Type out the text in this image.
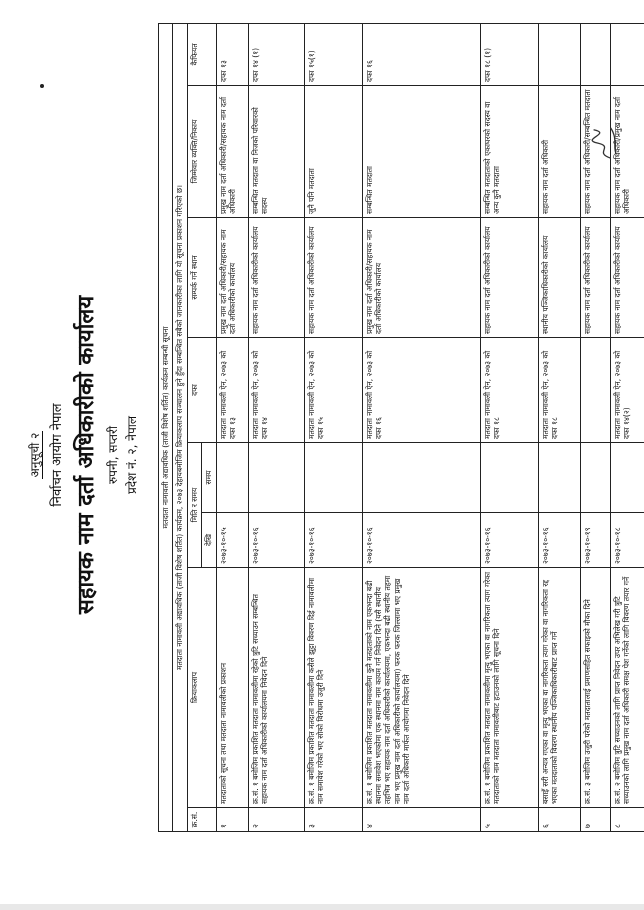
अनुसूची २ निर्वाचन आयोग नेपाल सहायक नाम दर्ता अधिकारीको कार्यालय रुपनी, सप्तरी प्रदेश नं. २, नेपाल	मतदाता नामावली अद्यावधिक (ताजी विशेष शर्तित) कार्यक्रम सम्बन्धी सूचना							
मतदाता नामावली अद्यावधिक (ताजी विशेष शर्तित) कार्यक्रम, २०७३ देहायबमोजिम क्रियाकलाप सञ्चालन हुने हुँदा सम्बन्धित सबैको जानकारीका लागि यो सूचना प्रकाशन गरिएको छ।							
क्र.सं.	क्रियाकलाप	मिति र समय		दफा	सम्पर्क गर्ने स्थान	जिम्मेवार व्यक्ति/निकाय	कैफियत
		देखि	समय				
१	मतदाताको सूचना तथा मतदाता नामावलीको प्रकाशन	२०७३-१०-१५		मतदाता नामावली ऐन, २०७३ को दफा १३	प्रमुख नाम दर्ता अधिकारी/सहायक नाम दर्ता अधिकारीको कार्यालय	प्रमुख नाम दर्ता अधिकारी/सहायक नाम दर्ता अधिकारी	दफा १३
२	क्र.सं. १ बमोजिम प्रकाशित मतदाता नामावलीमा रहेको त्रुटि सच्याउन सम्बन्धित सहायक नाम दर्ता अधिकारीको कार्यालयमा निवेदन दिने	२०७३-१०-१६		मतदाता नामावली ऐन, २०७३ को दफा १४	सहायक नाम दर्ता अधिकारीको कार्यालय	सम्बन्धित मतदाता वा निजको परिवारको सदस्य	दफा १४ (१)
३	क्र.सं. १ बमोजिम प्रकाशित मतदाता नामावलीमा कसैले झुट्टा विवरण दिई नामावलीमा नाम समावेश गरेको भए सोको विरोधमा उजुरी दिने	२०७३-१०-१६		मतदाता नामावली ऐन, २०७३ को दफा १५	सहायक नाम दर्ता अधिकारीको कार्यालय	जुनै पनि मतदाता	दफा १५(१)
४	क्र.सं. १ बमोजिम प्रकाशित मतदाता नामावलीमा कुनै मतदाताको नाम एकभन्दा बढी स्थानमा समावेश भएकोमा एक स्थानमा नाम कायम गर्न निवेदन दिने (यसै स्थानीय तहभित्र भए सहायक नाम दर्ता अधिकारीको कार्यालयमा, एकभन्दा बढी स्थानीय तहमा नाम भए प्रमुख नाम दर्ता अधिकारीको कार्यालयमा) फरक फरक जिल्लामा भए प्रमुख नाम दर्ता अधिकारी मार्फत आयोगमा निवेदन दिने	२०७३-१०-१६		मतदाता नामावली ऐन, २०७३ को दफा १६	प्रमुख नाम दर्ता अधिकारी/सहायक नाम दर्ता अधिकारीको कार्यालय	सम्बन्धित मतदाता	दफा १६
५	क्र.सं. १ बमोजिम प्रकाशित मतदाता नामावलीमा मृत्यु भएका वा नागरिकता त्याग गरेका मतदाताको नाम मतदाता नामावलीबाट हटाउनको लागि सूचना दिने	२०७३-१०-१६		मतदाता नामावली ऐन, २०७३ को दफा १८	सहायक नाम दर्ता अधिकारीको कार्यालय	सम्बन्धित मतदाताको एकाघरको सदस्य वा अन्य कुनै मतदाता	दफा १८ (१)
६	बसाइँ सरी अन्यत्र गएका वा मृत्यु भएका वा नागरिकता त्याग गरेका वा नागरिकता रद्द भएका मतदाताको विवरण स्थानीय पञ्जिकाधिकारीबाट प्राप्त गर्ने	२०७३-१०-१६		मतदाता नामावली ऐन, २०७३ को दफा १८	स्थानीय पञ्जिकाधिकारीको कार्यालय	सहायक नाम दर्ता अधिकारी	
७	क्र.सं. ३ बमोजिम उजुरी परेको मतदातालाई प्रमाणसहित सफाइको मौका दिने	२०७३-१०-१९			सहायक नाम दर्ता अधिकारीको कार्यालय	सहायक नाम दर्ता अधिकारी/सम्बन्धित मतदाता	
८	क्र.सं. २ बमोजिम त्रुटि सच्याउनको लागि प्राप्त निवेदन उपर अभिलेख गरी त्रुटि सच्याउनको लागि प्रमुख नाम दर्ता अधिकारी समक्ष पेश गर्नेको लागि विवरण तयार गर्ने	२०७३-१०-१८		मतदाता नामावली ऐन, २०७३ को दफा १४(२)	सहायक नाम दर्ता अधिकारीको कार्यालय	सहायक नाम दर्ता अधिकारी/प्रमुख नाम दर्ता अधिकारी	
